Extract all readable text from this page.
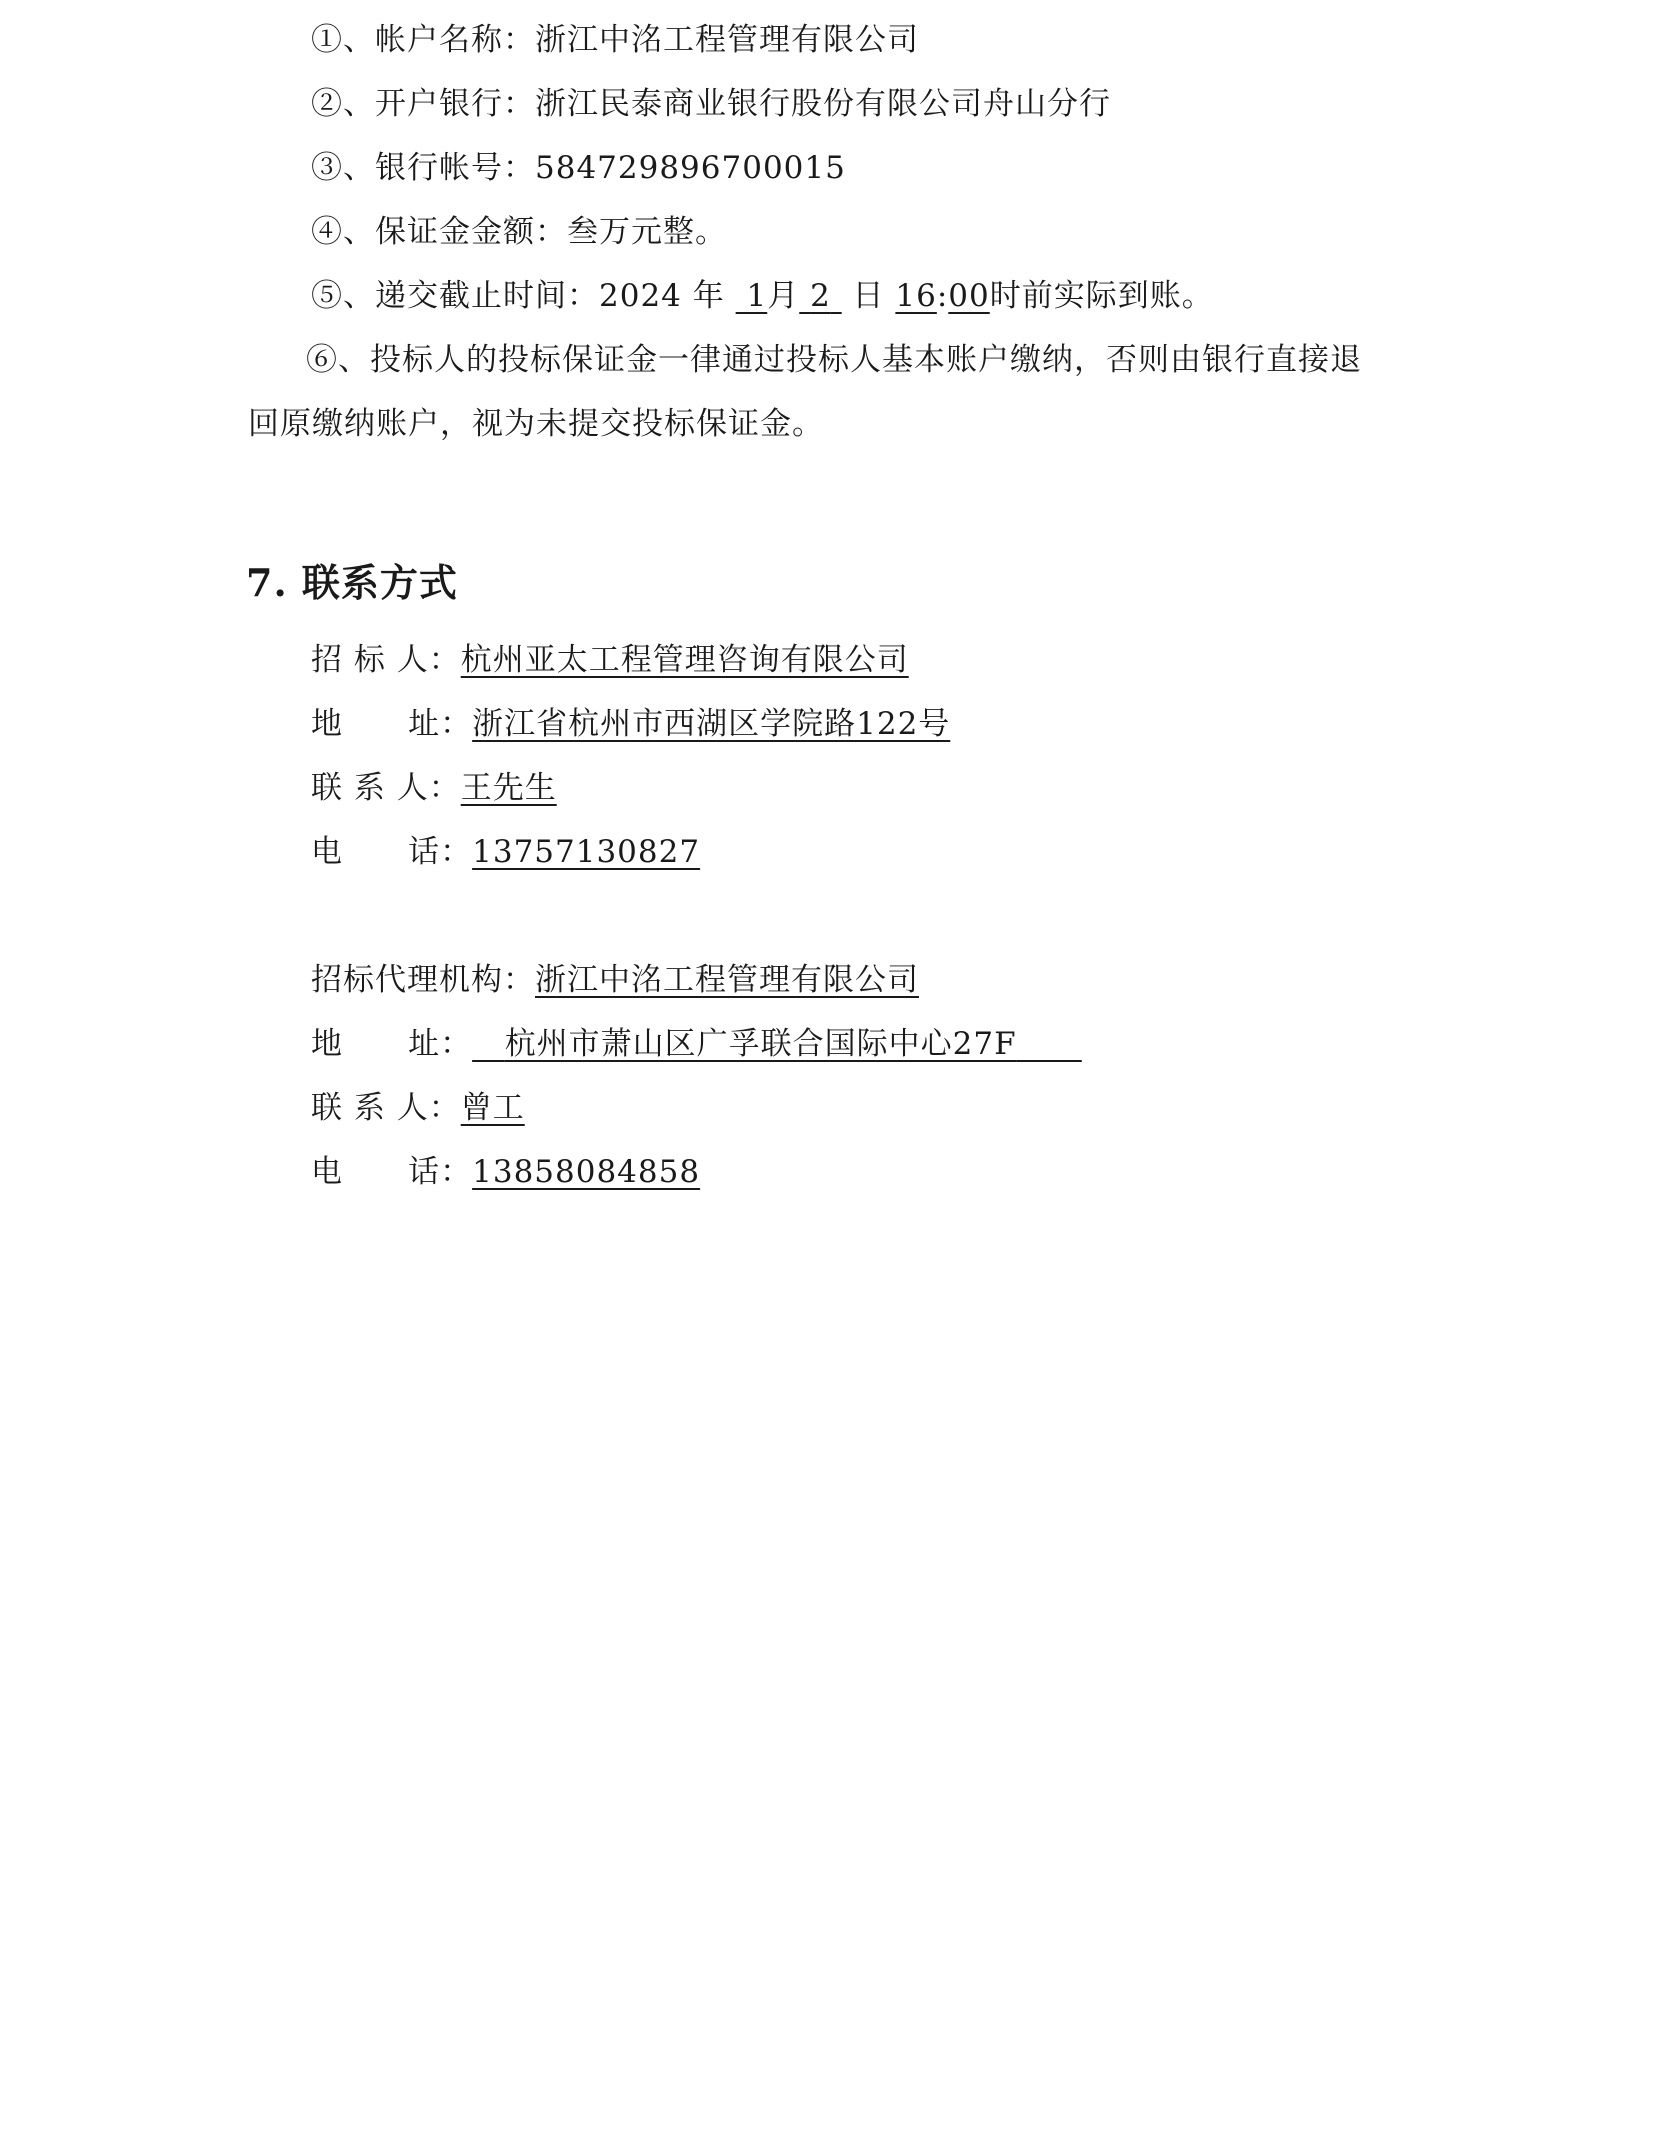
①、帐户名称：浙江中洺工程管理有限公司
②、开户银行：浙江民泰商业银行股份有限公司舟山分行
③、银行帐号：584729896700015
④、保证金金额：叁万元整。
⑤、递交截止时间：2024 年 1月 2 日 16:00时前实际到账。
⑥、投标人的投标保证金一律通过投标人基本账户缴纳，否则由银行直接退
回原缴纳账户，视为未提交投标保证金。
7. 联系方式
招 标 人：杭州亚太工程管理咨询有限公司
地      址：浙江省杭州市西湖区学院路122号
联 系 人：王先生
电      话：13757130827
招标代理机构：浙江中洺工程管理有限公司
地      址： 杭州市萧山区广孚联合国际中心27F
联 系 人：曾工
电      话：13858084858
